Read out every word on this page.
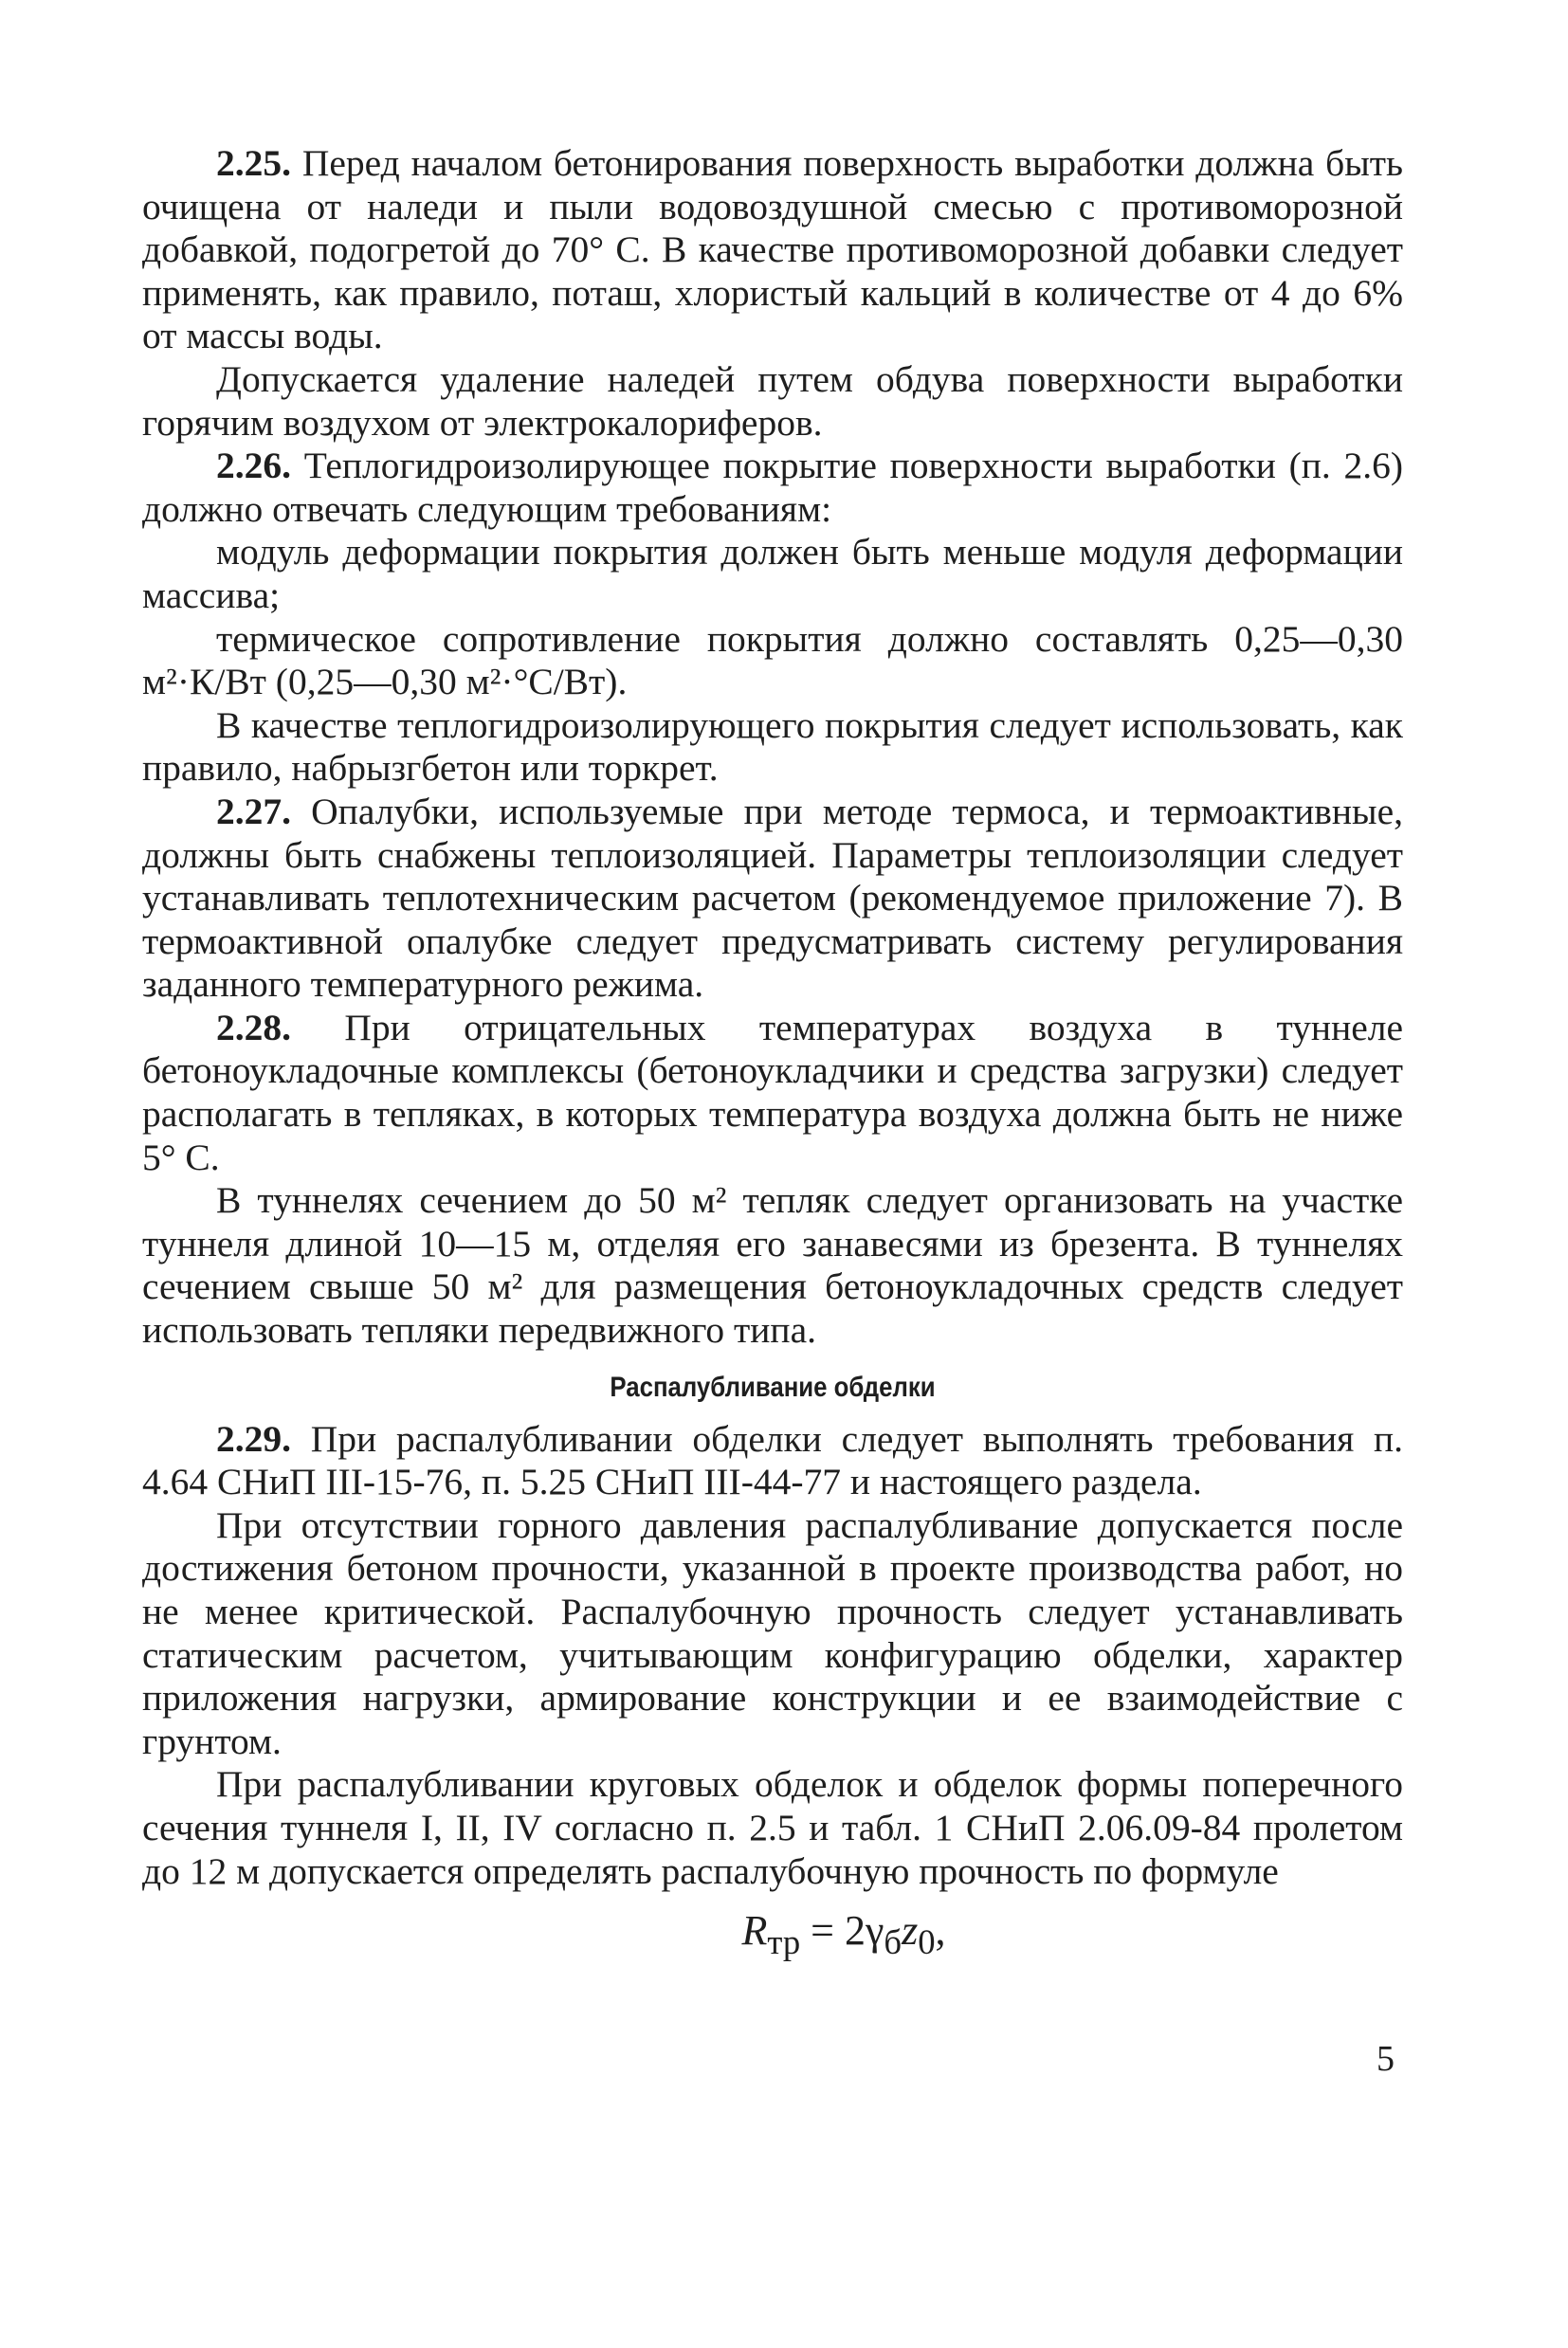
2.25. Перед началом бетонирования поверхность выработки должна быть очищена от наледи и пыли водовоздушной смесью с противоморозной добавкой, подогретой до 70° С. В качестве противоморозной добавки следует применять, как правило, поташ, хлористый кальций в количестве от 4 до 6% от массы воды.

Допускается удаление наледей путем обдува поверхности выработки горячим воздухом от электрокалориферов.

2.26. Теплогидроизолирующее покрытие поверхности выработки (п. 2.6) должно отвечать следующим требованиям:

модуль деформации покрытия должен быть меньше модуля деформации массива;

термическое сопротивление покрытия должно составлять 0,25—0,30 м²·К/Вт (0,25—0,30 м²·°С/Вт).

В качестве теплогидроизолирующего покрытия следует использовать, как правило, набрызгбетон или торкрет.

2.27. Опалубки, используемые при методе термоса, и термоактивные, должны быть снабжены теплоизоляцией. Параметры теплоизоляции следует устанавливать теплотехническим расчетом (рекомендуемое приложение 7). В термоактивной опалубке следует предусматривать систему регулирования заданного температурного режима.

2.28. При отрицательных температурах воздуха в туннеле бетоноукладочные комплексы (бетоноукладчики и средства загрузки) следует располагать в тепляках, в которых температура воздуха должна быть не ниже 5° С.

В туннелях сечением до 50 м² тепляк следует организовать на участке туннеля длиной 10—15 м, отделяя его занавесями из брезента. В туннелях сечением свыше 50 м² для размещения бетоноукладочных средств следует использовать тепляки передвижного типа.

Распалубливание обделки

2.29. При распалубливании обделки следует выполнять требования п. 4.64 СНиП III-15-76, п. 5.25 СНиП III-44-77 и настоящего раздела.

При отсутствии горного давления распалубливание допускается после достижения бетоном прочности, указанной в проекте производства работ, но не менее критической. Распалубочную прочность следует устанавливать статическим расчетом, учитывающим конфигурацию обделки, характер приложения нагрузки, армирование конструкции и ее взаимодействие с грунтом.

При распалубливании круговых обделок и обделок формы поперечного сечения туннеля I, II, IV согласно п. 2.5 и табл. 1 СНиП 2.06.09-84 пролетом до 12 м допускается определять распалубочную прочность по формуле

$R_{тр} = 2\gamma_бz_0$,
5
